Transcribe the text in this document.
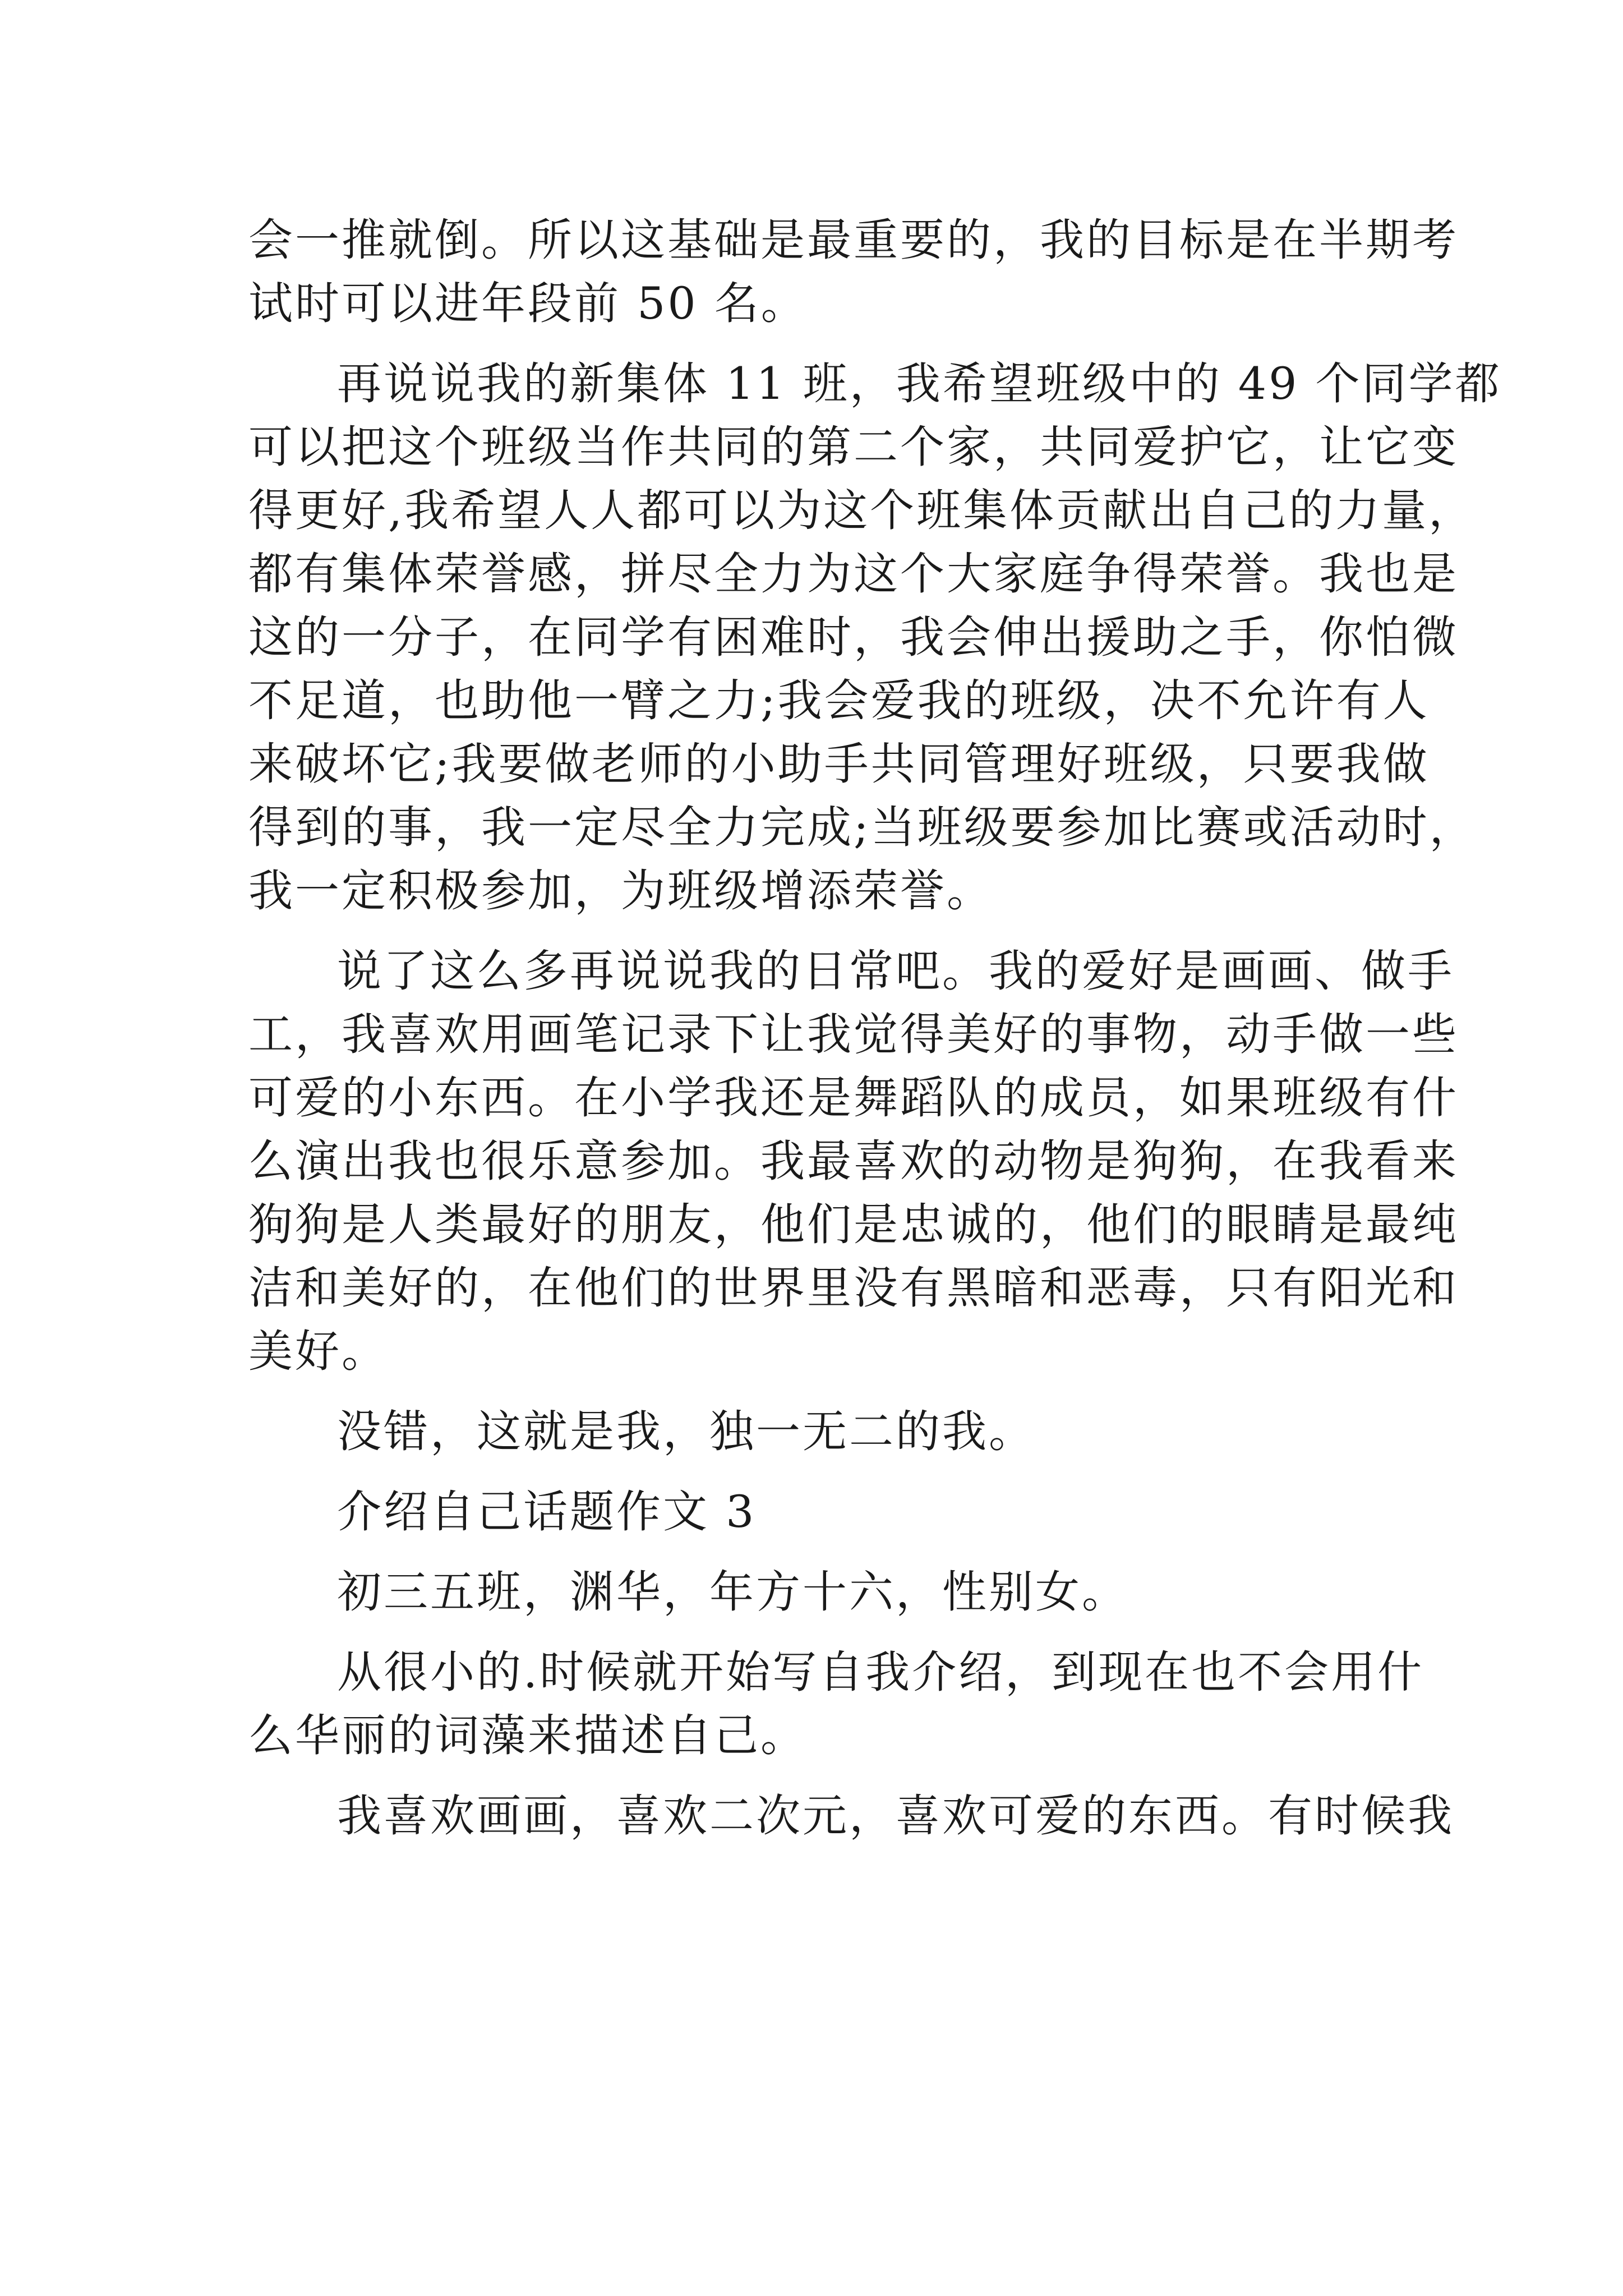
会一推就倒。所以这基础是最重要的，我的目标是在半期考
试时可以进年段前 50 名。
再说说我的新集体 11 班，我希望班级中的 49 个同学都
可以把这个班级当作共同的第二个家，共同爱护它，让它变
得更好,我希望人人都可以为这个班集体贡献出自己的力量，
都有集体荣誉感，拼尽全力为这个大家庭争得荣誉。我也是
这的一分子，在同学有困难时，我会伸出援助之手，你怕微
不足道，也助他一臂之力;我会爱我的班级，决不允许有人
来破坏它;我要做老师的小助手共同管理好班级，只要我做
得到的事，我一定尽全力完成;当班级要参加比赛或活动时，
我一定积极参加，为班级增添荣誉。
说了这么多再说说我的日常吧。我的爱好是画画、做手
工，我喜欢用画笔记录下让我觉得美好的事物，动手做一些
可爱的小东西。在小学我还是舞蹈队的成员，如果班级有什
么演出我也很乐意参加。我最喜欢的动物是狗狗，在我看来
狗狗是人类最好的朋友，他们是忠诚的，他们的眼睛是最纯
洁和美好的，在他们的世界里没有黑暗和恶毒，只有阳光和
美好。
没错，这就是我，独一无二的我。
介绍自己话题作文 3
初三五班，渊华，年方十六，性别女。
从很小的.时候就开始写自我介绍，到现在也不会用什
么华丽的词藻来描述自己。
我喜欢画画，喜欢二次元，喜欢可爱的东西。有时候我
